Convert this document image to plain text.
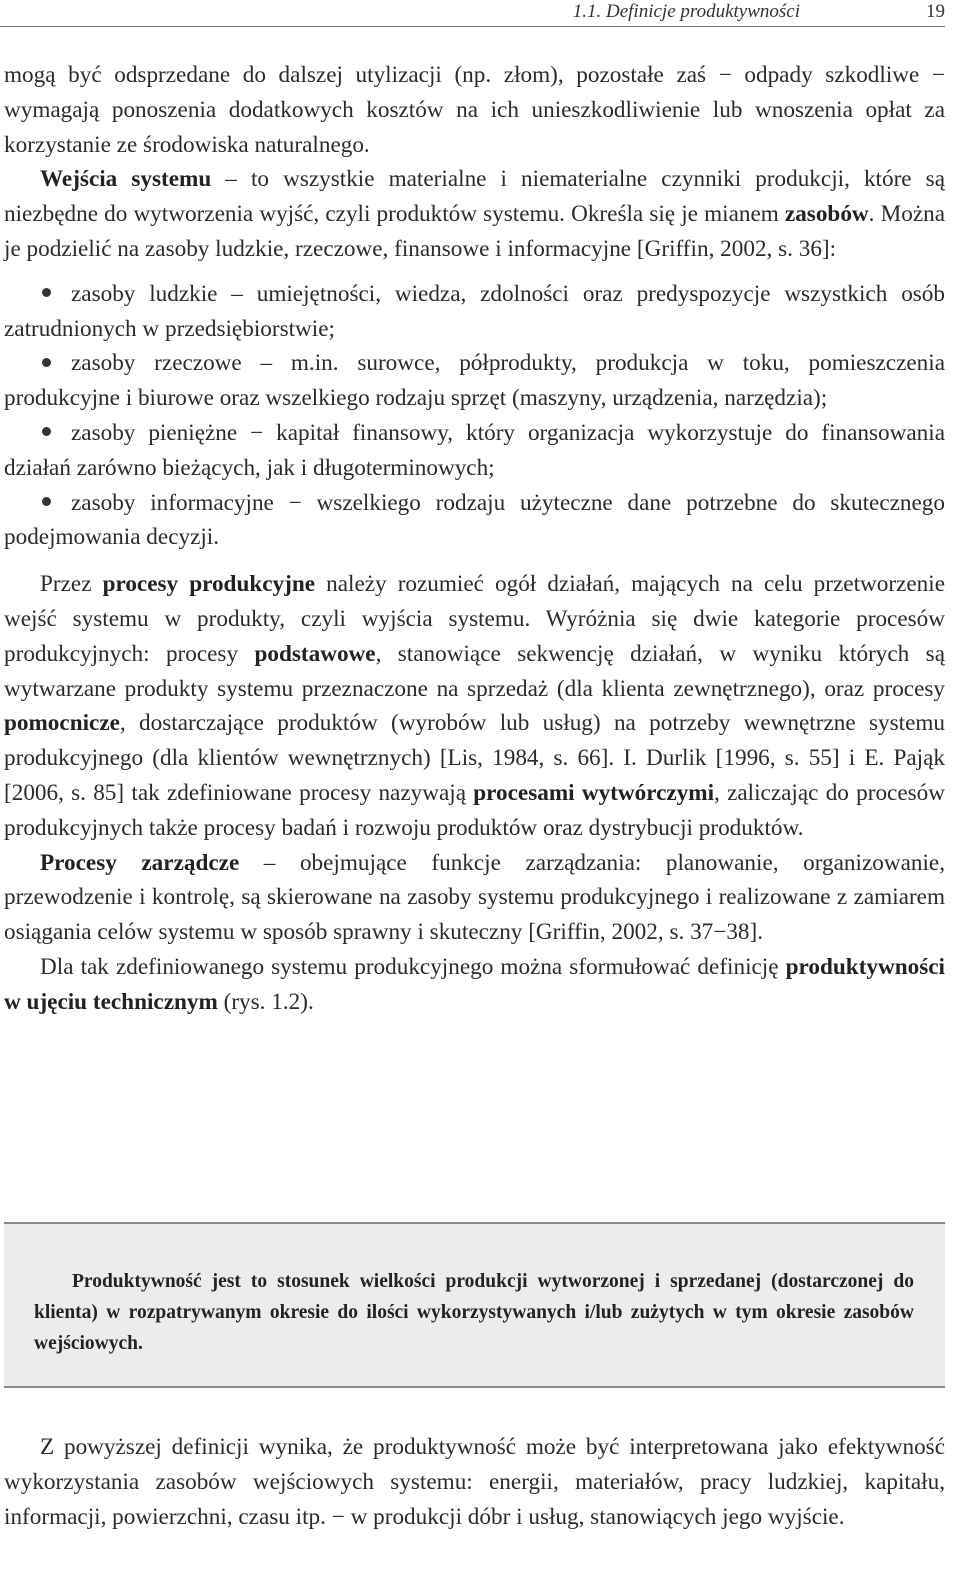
1.1. Definicje produktywności	19

mogą być odsprzedane do dalszej utylizacji (np. złom), pozostałe zaś − odpady szkodliwe − wymagają ponoszenia dodatkowych kosztów na ich unieszkodliwienie lub wnoszenia opłat za korzystanie ze środowiska naturalnego.

Wejścia systemu – to wszystkie materialne i niematerialne czynniki produkcji, które są niezbędne do wytworzenia wyjść, czyli produktów systemu. Określa się je mianem zasobów. Można je podzielić na zasoby ludzkie, rzeczowe, finansowe i informacyjne [Griffin, 2002, s. 36]:

zasoby ludzkie – umiejętności, wiedza, zdolności oraz predyspozycje wszystkich osób zatrudnionych w przedsiębiorstwie;

zasoby rzeczowe – m.in. surowce, półprodukty, produkcja w toku, pomieszczenia produkcyjne i biurowe oraz wszelkiego rodzaju sprzęt (maszyny, urządzenia, narzędzia);

zasoby pieniężne − kapitał finansowy, który organizacja wykorzystuje do finansowania działań zarówno bieżących, jak i długoterminowych;

zasoby informacyjne − wszelkiego rodzaju użyteczne dane potrzebne do skutecznego podejmowania decyzji.

Przez procesy produkcyjne należy rozumieć ogół działań, mających na celu przetworzenie wejść systemu w produkty, czyli wyjścia systemu. Wyróżnia się dwie kategorie procesów produkcyjnych: procesy podstawowe, stanowiące sekwencję działań, w wyniku których są wytwarzane produkty systemu przeznaczone na sprzedaż (dla klienta zewnętrznego), oraz procesy pomocnicze, dostarczające produktów (wyrobów lub usług) na potrzeby wewnętrzne systemu produkcyjnego (dla klientów wewnętrznych) [Lis, 1984, s. 66]. I. Durlik [1996, s. 55] i E. Pająk [2006, s. 85] tak zdefiniowane procesy nazywają procesami wytwórczymi, zaliczając do procesów produkcyjnych także procesy badań i rozwoju produktów oraz dystrybucji produktów.

Procesy zarządcze – obejmujące funkcje zarządzania: planowanie, organizowanie, przewodzenie i kontrolę, są skierowane na zasoby systemu produkcyjnego i realizowane z zamiarem osiągania celów systemu w sposób sprawny i skuteczny [Griffin, 2002, s. 37−38].

Dla tak zdefiniowanego systemu produkcyjnego można sformułować definicję produktywności w ujęciu technicznym (rys. 1.2).

Produktywność jest to stosunek wielkości produkcji wytworzonej i sprzedanej (dostarczonej do klienta) w rozpatrywanym okresie do ilości wykorzystywanych i/lub zużytych w tym okresie zasobów wejściowych.

Z powyższej definicji wynika, że produktywność może być interpretowana jako efektywność wykorzystania zasobów wejściowych systemu: energii, materiałów, pracy ludzkiej, kapitału, informacji, powierzchni, czasu itp. − w produkcji dóbr i usług, stanowiących jego wyjście.
